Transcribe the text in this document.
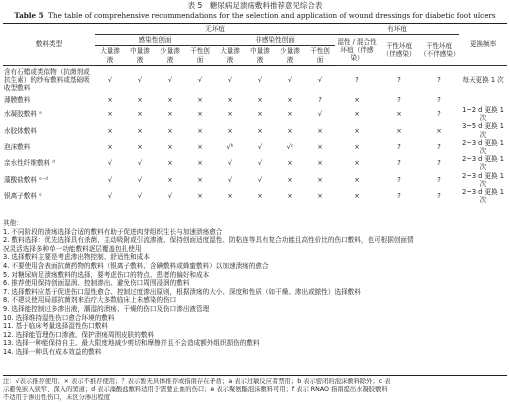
表 5　糖尿病足溃疡敷料推荐意见综合表
Table 5 The table of comprehensive recommendations for the selection and application of wound dressings for diabetic foot ulcers
敷料类型	无坏疽								有坏疽			更换频率
	感染性创面				非感染性创面				湿性 / 混合性坏疽（伴感染）	干性坏疽（伴感染）	干性坏疽（不伴感染）	
	大量渗液	中量渗液	少量渗液	干性创面	大量渗液	中量渗液	少量渗液	干性创面				
含有石蜡或类似物（抗菌剂或抗生素）的纱布敷料或基础吸收型敷料	√	√	√	√	√	√	√	√	?	?	?	每天更换 1 次
薄膜敷料	×	×	×	×	×	×	×	?	×	?	?	
水凝胶敷料 ᵃ	×	×	×	×	×	×	×	√	×	×	?	1~2 d 更换 1 次
水胶体敷料	×	×	×	×	×	×	×	×	×	×	×	3~5 d 更换 1 次
泡沫敷料	×	×	×	×	√ᵇ	√	√ᶜ	×	×	?	?	2~3 d 更换 1 次
亲水性纤维敷料 ᵈ	√	√	×	×	√	√	×	×	×	?	?	2~3 d 更换 1 次
藻酸盐敷料 ᵉ⁻ᵈ	√	√	×	×	√	√	×	×	×	?	?	2~3 d 更换 1 次
银离子敷料 ᵉ	√	√	√	×	×	×	×	×	×	?	?	2~3 d 更换 1 次
其他：
1. 不同阶段的溃疡选择合适的敷料有助于促进肉芽组织生长与加速溃疡愈合
2. 敷料选择：优先选择具有杀菌、主动吸附或引流渗液、保持创面适度湿性、防粘连等具有复合功能且高性价比的伤口敷料，也可根据创面情
况灵活选择多种单一功能敷料逐层覆盖包扎使用
3. 选择敷料主要是考虑渗出物控制、舒适性和成本
4. 不要使用含表面抗菌药物的敷料（银离子敷料、含碘敷料或蜂蜜敷料）以加速溃疡的愈合
5. 对糖尿病足溃疡敷料的选择，要考虑伤口的特点、患者的偏好和成本
6. 推荐使用保持创面湿润、控制渗出、避免伤口周围浸润的敷料
7. 选择敷料应基于促进伤口湿性愈合、控制过度渗出原则，根据溃疡的大小、深度和性质（如干燥、渗出或脓性）选择敷料
8. 不建议使用局部抗菌剂来治疗大多数临床上未感染的伤口
9. 选择能控制过多渗出液，潮湿的溃疡、干燥的伤口及伤口渗出液管理
10. 选择维持湿性伤口愈合环境的敷料
11. 基于临床考量选择湿性伤口敷料
12. 选择能管理伤口渗液、保护溃疡周围皮肤的敷料
13. 选择一种能保持自主、最大限度地减少剪切和摩擦并且不会造成额外组织损伤的敷料
14. 选择一种具有成本效益的敷料
注：√表示推荐使用；× 表示不推荐使用；？表示暂无具体推荐或指南存在矛盾；a 表示过敏反应者禁用；b 表示密闭的泡沫敷料除外；c 表
示避免嵌入狭窄、深入的窦道；d 表示藻酸盐敷料适用于需要止血的伤口；e 表示聚氨酯泡沫敷料可用；f 表示 RNAO 指南提出水凝胶敷料
不适用于渗出性伤口，未区分渗出程度
